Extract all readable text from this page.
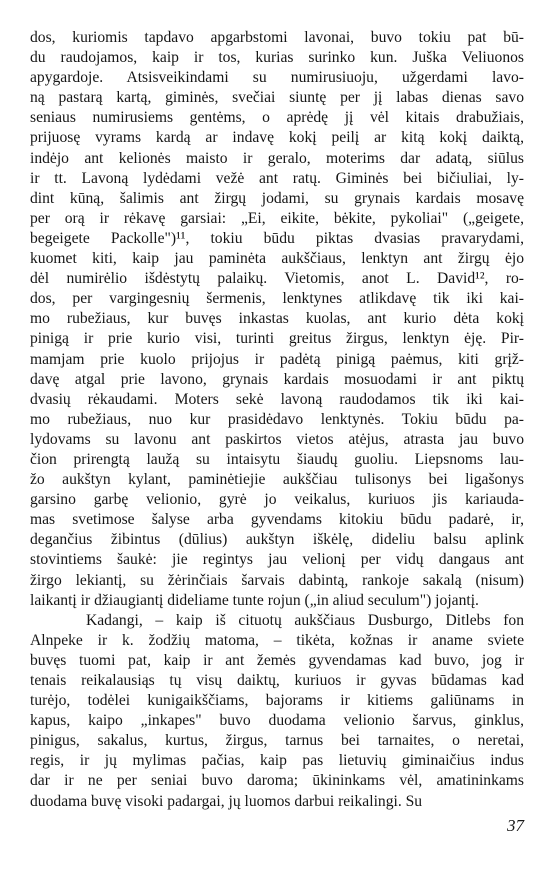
dos, kuriomis tapdavo apgarbstomi lavonai, buvo tokiu pat bū-
du raudojamos, kaip ir tos, kurias surinko kun. Juška Veliuonos
apygardoje. Atsisveikindami su numirusiuoju, užgerdami lavo-
ną pastarą kartą, giminės, svečiai siuntę per jį labas dienas savo
seniaus numirusiems gentėms, o aprėdę jį vėl kitais drabužiais,
prijuosę vyrams kardą ar indavę kokį peilį ar kitą kokį daiktą,
indėjo ant kelionės maisto ir geralo, moterims dar adatą, siūlus
ir tt. Lavoną lydėdami vežė ant ratų. Giminės bei bičiuliai, ly-
dint kūną, šalimis ant žirgų jodami, su grynais kardais mosavę
per orą ir rėkavę garsiai: „Ei, eikite, bėkite, pykoliai" („geigete,
begeigete Packolle")¹¹, tokiu būdu piktas dvasias pravarydami,
kuomet kiti, kaip jau paminėta aukščiaus, lenktyn ant žirgų ėjo
dėl numirėlio išdėstytų palaikų. Vietomis, anot L. David¹², ro-
dos, per vargingesnių šermenis, lenktynes atlikdavę tik iki kai-
mo rubežiaus, kur buvęs inkastas kuolas, ant kurio dėta kokį
pinigą ir prie kurio visi, turinti greitus žirgus, lenktyn ėję. Pir-
mamjam prie kuolo prijojus ir padėtą pinigą paėmus, kiti grįž-
davę atgal prie lavono, grynais kardais mosuodami ir ant piktų
dvasių rėkaudami. Moters sekė lavoną raudodamos tik iki kai-
mo rubežiaus, nuo kur prasidėdavo lenktynės. Tokiu būdu pa-
lydovams su lavonu ant paskirtos vietos atėjus, atrasta jau buvo
čion prirengtą laužą su intaisytu šiaudų guoliu. Liepsnoms lau-
žo aukštyn kylant, paminėtiejie aukščiau tulisonys bei ligašonys
garsino garbę velionio, gyrė jo veikalus, kuriuos jis kariauda-
mas svetimose šalyse arba gyvendams kitokiu būdu padarė, ir,
degančius žibintus (dūlius) aukštyn iškėlę, dideliu balsu aplink
stovintiems šaukė: jie regintys jau velionį per vidų dangaus ant
žirgo lekiantį, su žėrinčiais šarvais dabintą, rankoje sakalą (nisum)
laikantį ir džiaugiantį dideliame tunte rojun („in aliud seculum") jojantį.
Kadangi, – kaip iš cituotų aukščiaus Dusburgo, Ditlebs fon
Alnpeke ir k. žodžių matoma, – tikėta, kožnas ir aname sviete
buvęs tuomi pat, kaip ir ant žemės gyvendamas kad buvo, jog ir
tenais reikalausiąs tų visų daiktų, kuriuos ir gyvas būdamas kad
turėjo, todėlei kunigaikščiams, bajorams ir kitiems galiūnams in
kapus, kaipo „inkapes" buvo duodama velionio šarvus, ginklus,
pinigus, sakalus, kurtus, žirgus, tarnus bei tarnaites, o neretai,
regis, ir jų mylimas pačias, kaip pas lietuvių giminaičius indus
dar ir ne per seniai buvo daroma; ūkininkams vėl, amatininkams
duodama buvę visoki padargai, jų luomos darbui reikalingi. Su
37
